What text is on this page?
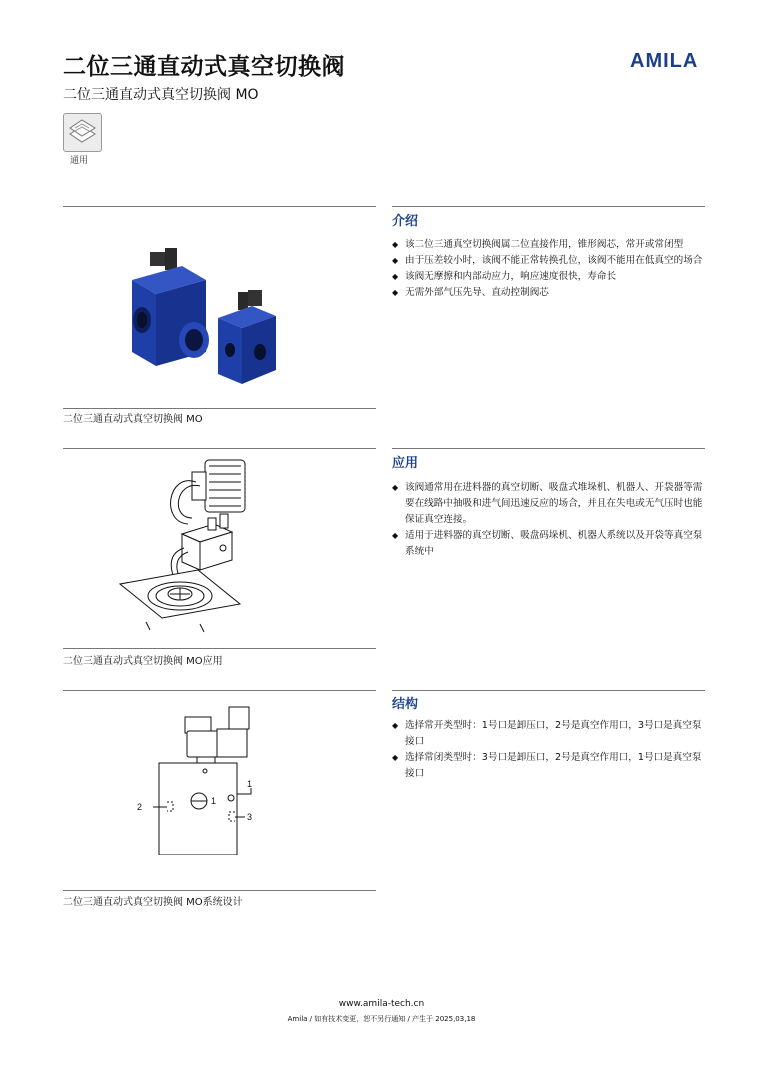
二位三通直动式真空切换阀
二位三通直动式真空切换阀 MO
AMILA
通用
介绍
◆ 该二位三通真空切换阀属二位直接作用，锥形阀芯，常开或常闭型
◆ 由于压差较小时，该阀不能正常转换孔位，该阀不能用在低真空的场合
◆ 该阀无摩擦和内部动应力，响应速度很快，寿命长
◆ 无需外部气压先导、直动控制阀芯
二位三通直动式真空切换阀 MO
应用
◆ 该阀通常用在进料器的真空切断、吸盘式堆垛机、机器人、开袋器等需要在线路中抽吸和进气间迅速反应的场合，并且在失电或无气压时也能保证真空连接。
◆ 适用于进料器的真空切断、吸盘码垛机、机器人系统以及开袋等真空泵系统中
二位三通直动式真空切换阀 MO应用
结构
1
1
2
3
◆ 选择常开类型时：1号口是卸压口，2号是真空作用口，3号口是真空泵接口
◆ 选择常闭类型时：3号口是卸压口，2号是真空作用口，1号口是真空泵接口
二位三通直动式真空切换阀 MO系统设计
www.amila-tech.cn
Amila / 如有技术变更，恕不另行通知 / 产生于 2025,03,18
